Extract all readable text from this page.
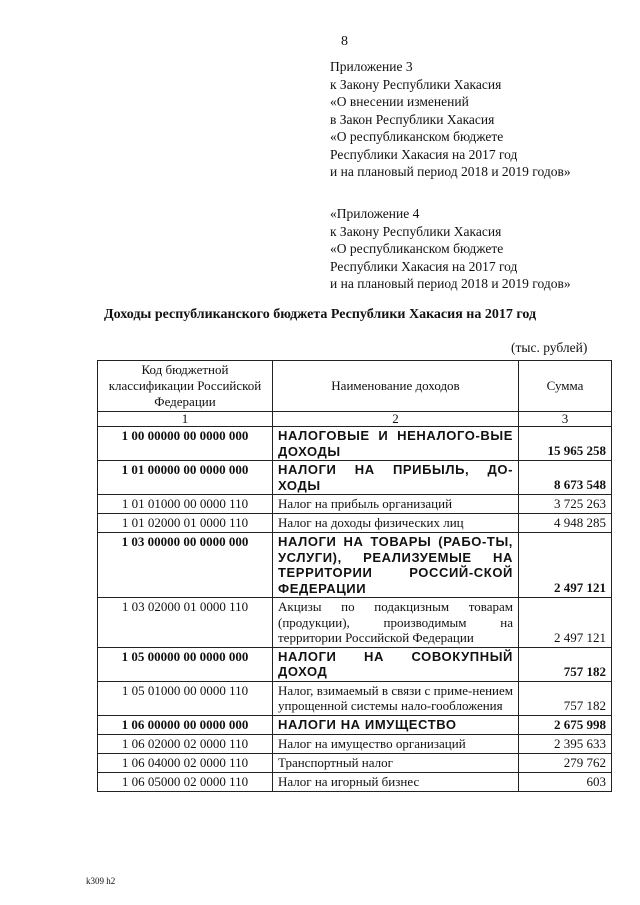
8
Приложение 3
к Закону Республики Хакасия
«О внесении изменений
в Закон Республики Хакасия
«О республиканском бюджете
Республики Хакасия на 2017 год
и на плановый период 2018 и 2019 годов»
«Приложение 4
к Закону Республики Хакасия
«О республиканском бюджете
Республики Хакасия на 2017 год
и на плановый период 2018 и 2019 годов»
Доходы республиканского бюджета Республики Хакасия на 2017 год
(тыс. рублей)
Код бюджетной классификации Российской Федерации	Наименование доходов	Сумма
1	2	3
1 00 00000 00 0000 000	НАЛОГОВЫЕ И НЕНАЛОГО-ВЫЕ ДОХОДЫ	15 965 258
1 01 00000 00 0000 000	НАЛОГИ НА ПРИБЫЛЬ, ДО-ХОДЫ	8 673 548
1 01 01000 00 0000 110	Налог на прибыль организаций	3 725 263
1 01 02000 01 0000 110	Налог на доходы физических лиц	4 948 285
1 03 00000 00 0000 000	НАЛОГИ НА ТОВАРЫ (РАБО-ТЫ, УСЛУГИ), РЕАЛИЗУЕМЫЕ НА ТЕРРИТОРИИ РОССИЙ-СКОЙ ФЕДЕРАЦИИ	2 497 121
1 03 02000 01 0000 110	Акцизы по подакцизным товарам (продукции), производимым на территории Российской Федерации	2 497 121
1 05 00000 00 0000 000	НАЛОГИ НА СОВОКУПНЫЙ ДОХОД	757 182
1 05 01000 00 0000 110	Налог, взимаемый в связи с приме-нением упрощенной системы нало-гообложения	757 182
1 06 00000 00 0000 000	НАЛОГИ НА ИМУЩЕСТВО	2 675 998
1 06 02000 02 0000 110	Налог на имущество организаций	2 395 633
1 06 04000 02 0000 110	Транспортный налог	279 762
1 06 05000 02 0000 110	Налог на игорный бизнес	603
k309 h2
